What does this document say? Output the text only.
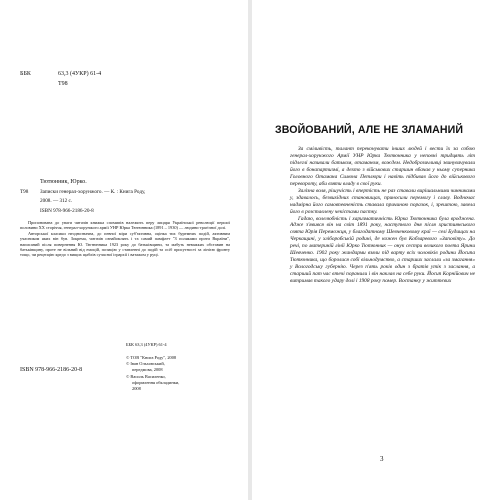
ББК	63,3 (4УКР) 61-4
Т98
Тютюнник, Юрко.
Т98 Записки генерал-хорунжого. — К. : Книга Роду,
2008. — 312 с.
ISBN 978-966-2186-20-8

Пропонована до уваги читачів книжка спомипів належить перу лицаря Української революції першої половини ХХ сторіччя, генерал-хорунжого армії УНР Юрка Тютюнника (1891 – 1930) — людини трагічної долі.

Авторської класики неоднозначна, до певної міри суб'єктивна, оцінка тих буремних подій, активним учасником яких він був. Зокрема, читачів ознайомлять і та самий памфлет "З поляками проти Вкраїни", написаний після повернення Ю. Тютюнника 1923 року до батьківщини, та мабуть неважких обставин на батьківщину, проте не вільний від емоцій, позицію у ставленні до подій та осіб присутності за лінією фронту тощо, чи рецепцію кредо з вищих щаблів сучасної ієрархії і ватажом у руці.

ББК 63,3 (4УКР) 61-4
© ТОВ "Книга Роду", 2008
© Іван Ольховський,
передмова, 2008
© Василь Василенко,
оформлення обкладинки,
2008
ISBN 978-966-2186-20-8
ЗВОЙОВАНИЙ, АЛЕ НЕ ЗЛАМАНИЙ

За сміливість, талант переконувати інших людей і вести їх за собою генерал-хорунжого Армії УНР Юрка Тютюнника у неповні тридцять літ підлеглі називали батьком, отаманом, вождем. Недоброзичливці звинувачували його в бонапартизмі, а дехто з військових старшин вбачав у ньому суперника Головного Отамана Симона Петлюри і навіть підбивав його до військового перевороту, аби взяти владу в свої руки.

Залізна воля, рішучість і впертість не раз ставали вирішальними чинниками у, здавалось, безвихідних становищах, приносили перемогу і славу. Водночас надмірна його самовпевненість ставала причиною поразок, і, зрештою, завела його в розставлену чекістами пастку.

Гадаю, волелюбність і харизматичність Юрка Тютюнника була вроджена. Адже з'явився він на світ 1891 року, наступного дня після християнського свята Юрія Переможця, у благодатному Шевченковому краї — селі Будищах на Черкащині, у хліборобській родині, де кожен був Кобзаревого «Заповіту». До речі, по материній лінії Юрко Тютюнник — онук сестри великого поета Ярини Шевченко. 1902 року жандарми взяли під варту всіх чоловіків родини Йосипа Тютюнника, що боролися собі вільнодумство, а старших заслали «за змагання» у Вологодську губернію. Через п'ять років один з братів утік з заслання, а старший пат час втечі поранили і він наклав на себе руки. Йосип Корнійович не витримав такого удару долі і 1908 року помер. Востанку у життєвих

3
